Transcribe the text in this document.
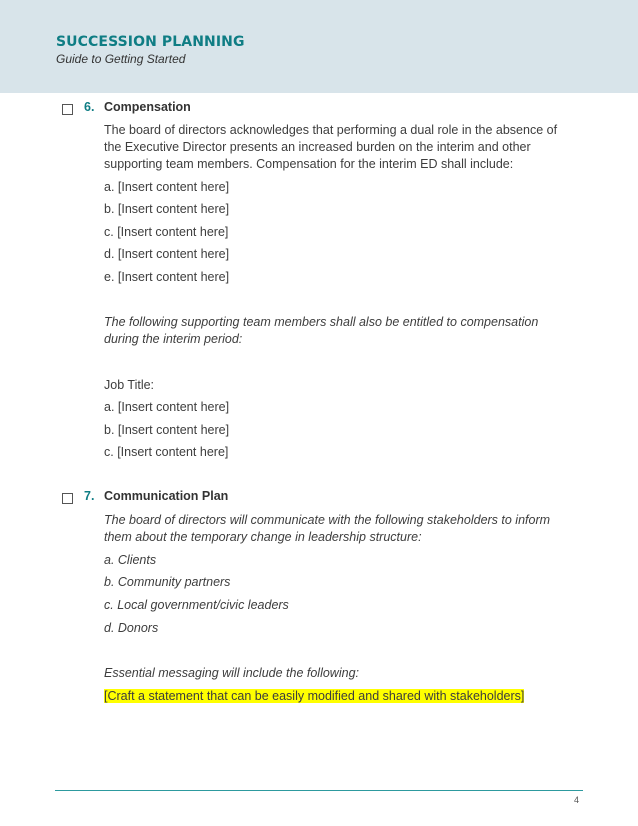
SUCCESSION PLANNING
Guide to Getting Started
6. Compensation
The board of directors acknowledges that performing a dual role in the absence of
the Executive Director presents an increased burden on the interim and other
supporting team members. Compensation for the interim ED shall include:
a. [Insert content here]
b. [Insert content here]
c. [Insert content here]
d. [Insert content here]
e. [Insert content here]
The following supporting team members shall also be entitled to compensation
during the interim period:
Job Title:
a. [Insert content here]
b. [Insert content here]
c. [Insert content here]
7. Communication Plan
The board of directors will communicate with the following stakeholders to inform
them about the temporary change in leadership structure:
a. Clients
b. Community partners
c. Local government/civic leaders
d. Donors
Essential messaging will include the following:
[Craft a statement that can be easily modified and shared with stakeholders]
4
